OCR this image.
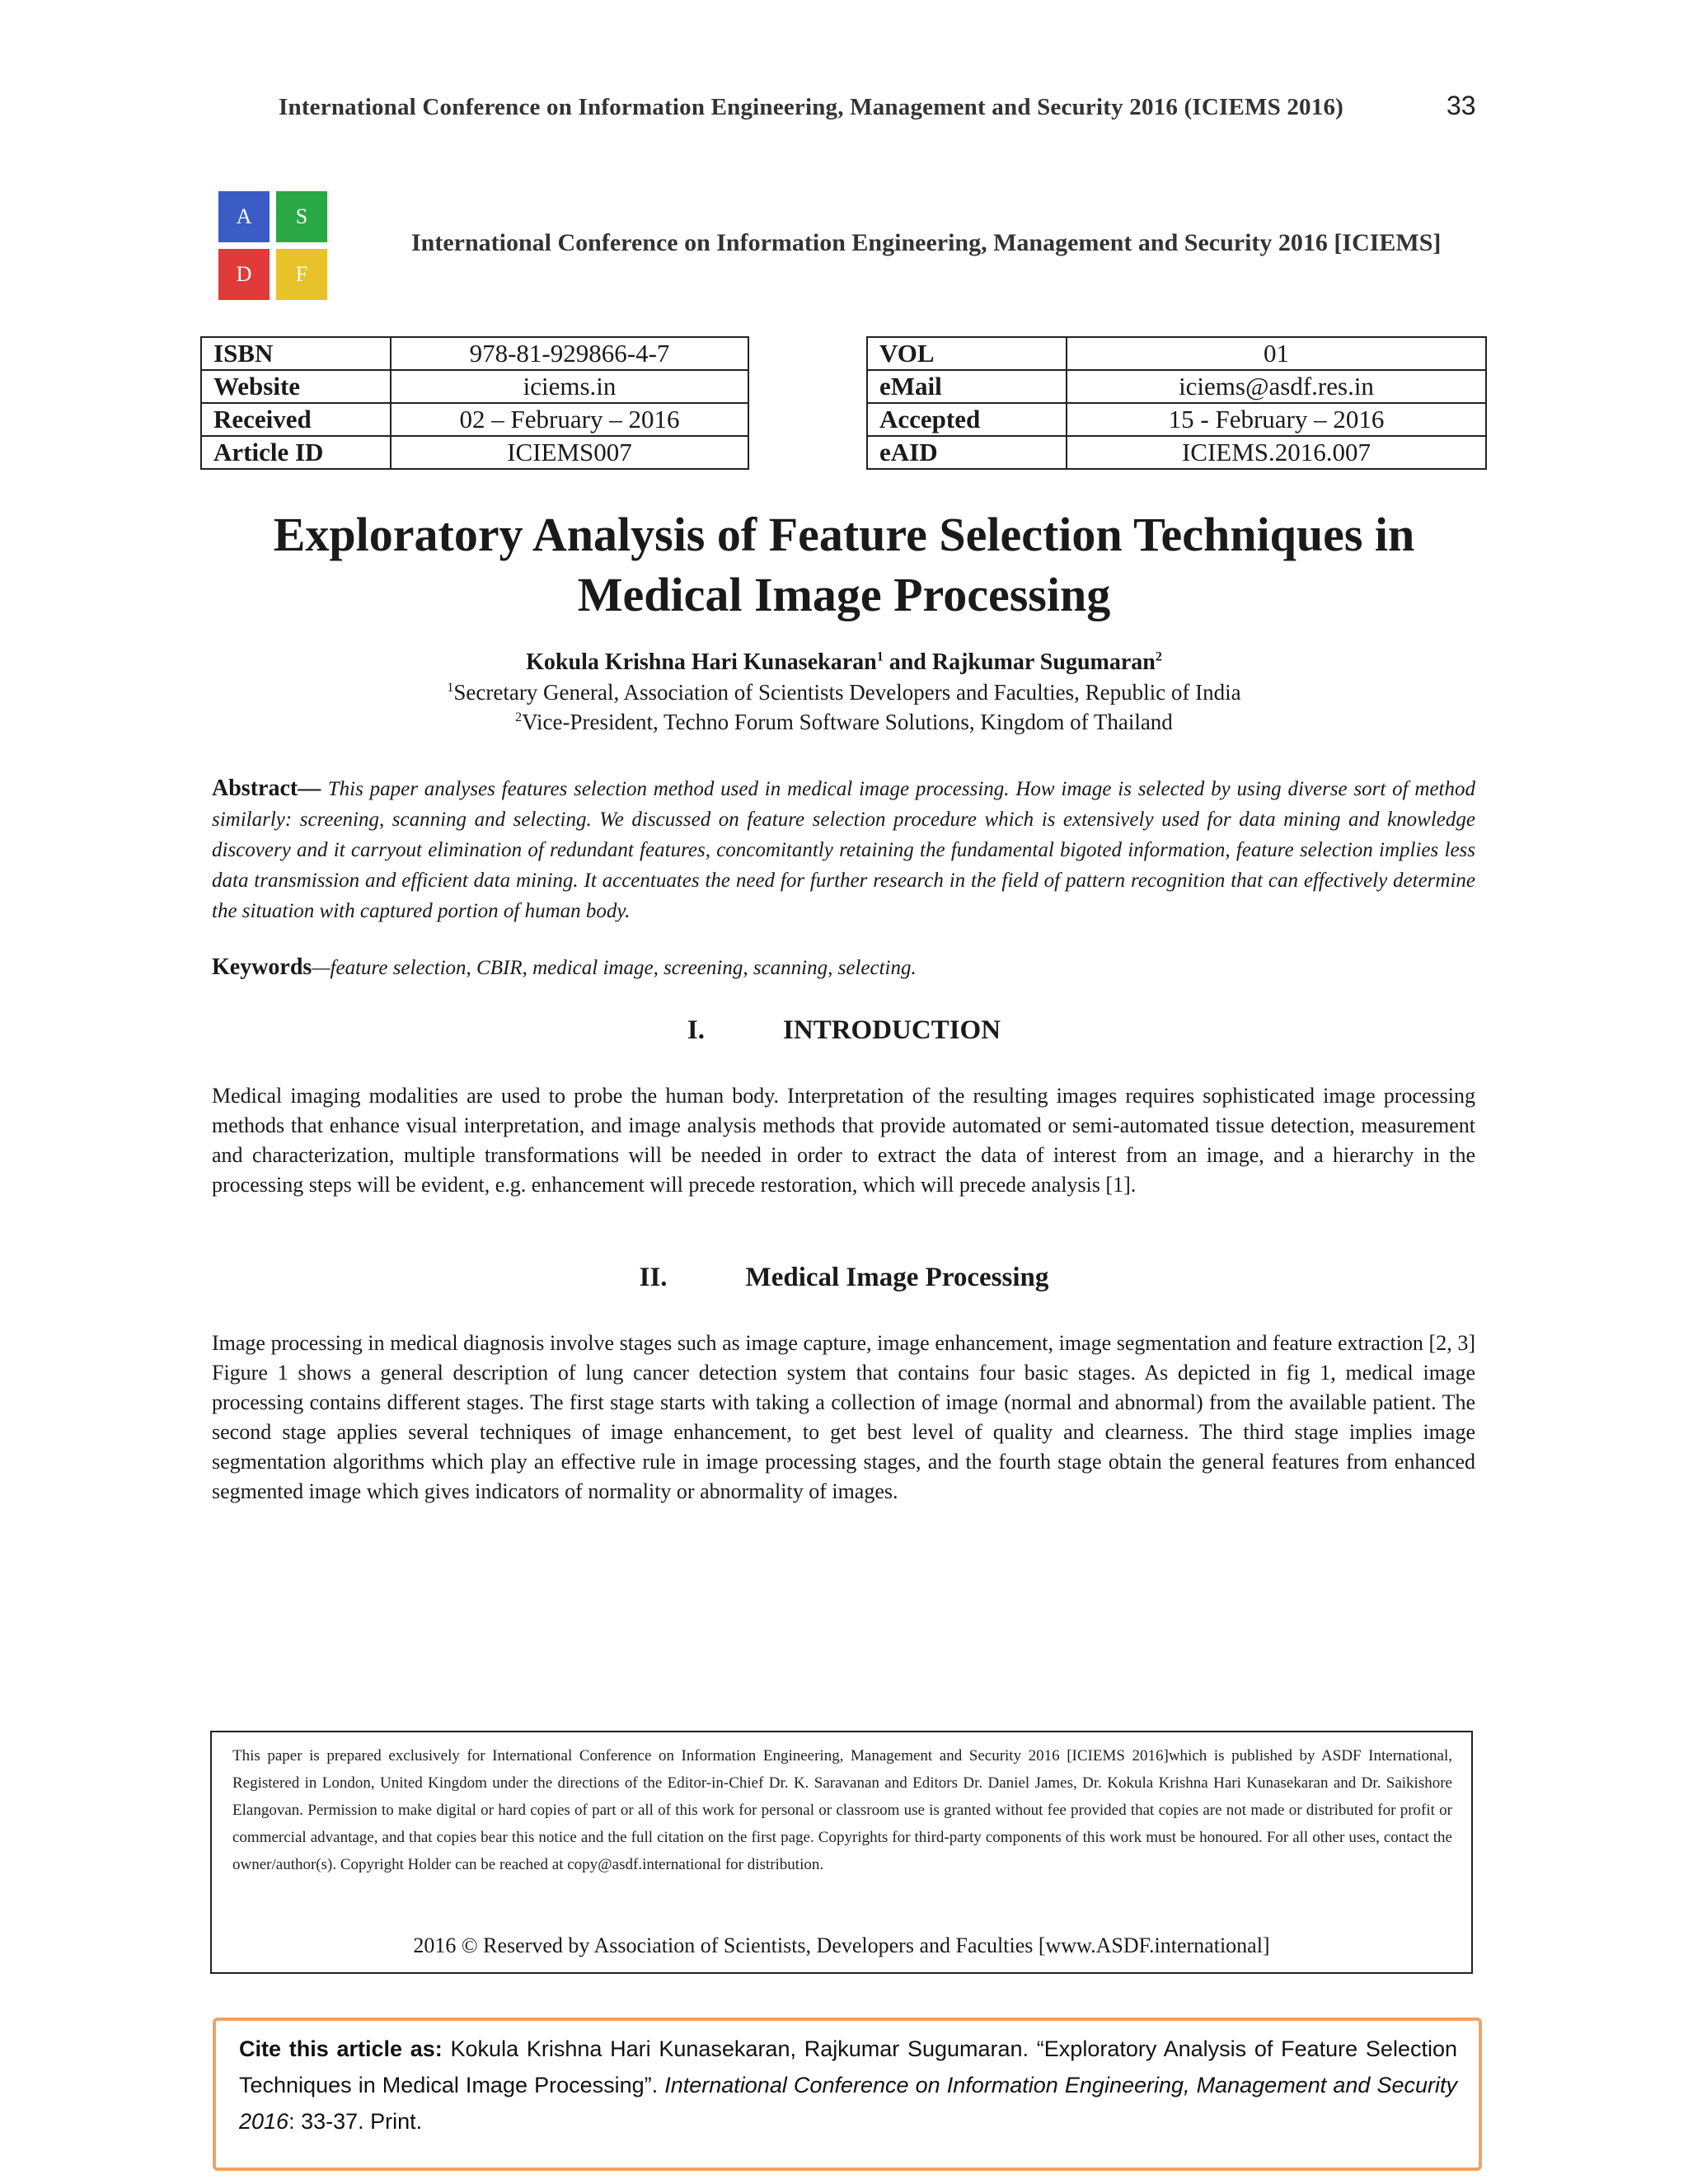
International Conference on Information Engineering, Management and Security 2016 (ICIEMS 2016)	33
A	S
D	F
International Conference on Information Engineering, Management and Security 2016 [ICIEMS]
ISBN	978-81-929866-4-7
Website	iciems.in
Received	02 – February – 2016
Article ID	ICIEMS007
VOL	01
eMail	iciems@asdf.res.in
Accepted	15 - February – 2016
eAID	ICIEMS.2016.007
Exploratory Analysis of Feature Selection Techniques in
Medical Image Processing
Kokula Krishna Hari Kunasekaran$^1$ and Rajkumar Sugumaran$^2$
$^1$Secretary General, Association of Scientists Developers and Faculties, Republic of India
$^2$Vice-President, Techno Forum Software Solutions, Kingdom of Thailand
Abstract— This paper analyses features selection method used in medical image processing. How image is selected by using diverse sort of method similarly: screening, scanning and selecting. We discussed on feature selection procedure which is extensively used for data mining and knowledge discovery and it carryout elimination of redundant features, concomitantly retaining the fundamental bigoted information, feature selection implies less data transmission and efficient data mining. It accentuates the need for further research in the field of pattern recognition that can effectively determine the situation with captured portion of human body.
Keywords—feature selection, CBIR, medical image, screening, scanning, selecting.
I.	INTRODUCTION
Medical imaging modalities are used to probe the human body. Interpretation of the resulting images requires sophisticated image processing methods that enhance visual interpretation, and image analysis methods that provide automated or semi-automated tissue detection, measurement and characterization, multiple transformations will be needed in order to extract the data of interest from an image, and a hierarchy in the processing steps will be evident, e.g. enhancement will precede restoration, which will precede analysis [1].
II.	Medical Image Processing
Image processing in medical diagnosis involve stages such as image capture, image enhancement, image segmentation and feature extraction [2, 3] Figure 1 shows a general description of lung cancer detection system that contains four basic stages. As depicted in fig 1, medical image processing contains different stages. The first stage starts with taking a collection of image (normal and abnormal) from the available patient. The second stage applies several techniques of image enhancement, to get best level of quality and clearness. The third stage implies image segmentation algorithms which play an effective rule in image processing stages, and the fourth stage obtain the general features from enhanced segmented image which gives indicators of normality or abnormality of images.
This paper is prepared exclusively for International Conference on Information Engineering, Management and Security 2016 [ICIEMS 2016]which is published by ASDF International, Registered in London, United Kingdom under the directions of the Editor-in-Chief Dr. K. Saravanan and Editors Dr. Daniel James, Dr. Kokula Krishna Hari Kunasekaran and Dr. Saikishore Elangovan. Permission to make digital or hard copies of part or all of this work for personal or classroom use is granted without fee provided that copies are not made or distributed for profit or commercial advantage, and that copies bear this notice and the full citation on the first page. Copyrights for third-party components of this work must be honoured. For all other uses, contact the owner/author(s). Copyright Holder can be reached at copy@asdf.international for distribution.
2016 © Reserved by Association of Scientists, Developers and Faculties [www.ASDF.international]
Cite this article as: Kokula Krishna Hari Kunasekaran, Rajkumar Sugumaran. “Exploratory Analysis of Feature Selection Techniques in Medical Image Processing”. International Conference on Information Engineering, Management and Security 2016: 33-37. Print.
